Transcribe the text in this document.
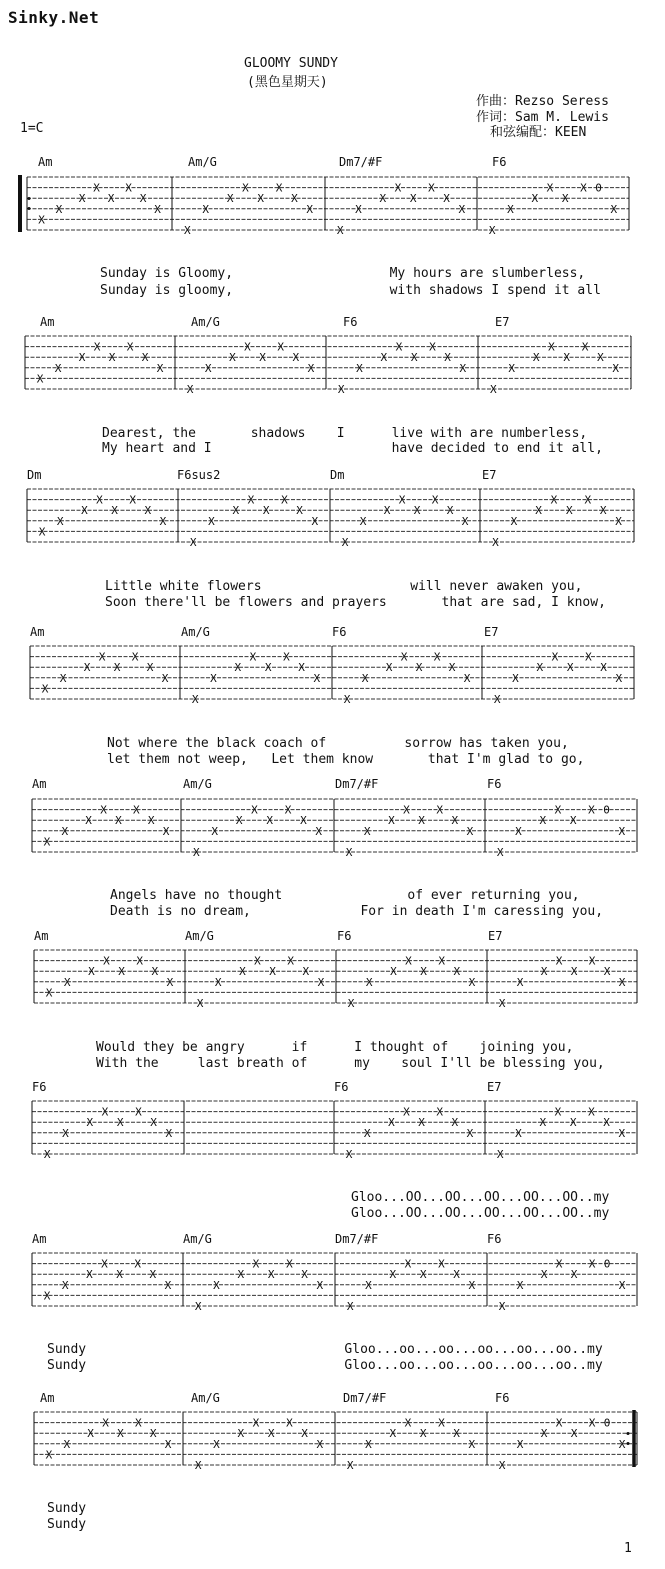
Sinky.Net
GLOOMY SUNDY
(黑色星期天)
作曲：Rezso Seress
作词：Sam M. Lewis
和弦编配：KEEN
1=C
Am	Am/G	Dm7/#F	F6
Am	Am/G	F6	E7
Dm	F6sus2	Dm	E7
Am	Am/G	F6	E7
Am	Am/G	Dm7/#F	F6
Am	Am/G	F6	E7
F6	F6	E7
Am	Am/G	Dm7/#F	F6
Am	Am/G	Dm7/#F	F6
Sunday is Gloomy,                    My hours are slumberless,
Sunday is gloomy,                    with shadows I spend it all
Dearest, the       shadows    I      live with are numberless,
My heart and I                       have decided to end it all,
Little white flowers                   will never awaken you,
Soon there'll be flowers and prayers       that are sad, I know,
Not where the black coach of          sorrow has taken you,
let them not weep,   Let them know       that I'm glad to go,
Angels have no thought                of ever returning you,
Death is no dream,              For in death I'm caressing you,
Would they be angry      if      I thought of    joining you,
With the     last breath of      my    soul I'll be blessing you,
Gloo...OO...OO...OO...OO...OO..my
Gloo...OO...OO...OO...OO...OO..my
Sundy                                 Gloo...oo...oo...oo...oo...oo..my
Sundy                                 Gloo...oo...oo...oo...oo...oo..my
Sundy
Sundy
1
X
X
X
X
X
X
X
X
X
X
X
X
X
X
X
X
X
X
X
X
X
X
X
X
X
X
X
X
X 0
X
X
X
X
X
X
X
X
X
X
X
X
X
X
X
X
X
X
X
X
X
X
X
X
X
X
X
X
X
X
X
X
X
X
X
X
X
X
X
X
X
X
X
X
X
X
X
X
X
X
X
X
X
X
X
X
X
X
X
X
X
X
X
X
X
X
X
X
X
X
X
X
X
X
X
X
X
X
X
X
X
X
X
X
X
X
X
X
X
X
X
X
X
X
X
X
X
X
X
X
X
X
X
X
X
X
X
X
X
X
X
X
X
X
X
X
X
X
X
X
X
X
X
X
X
X
X 0
X
X
X
X
X
X
X
X
X
X
X
X
X
X
X
X
X
X
X
X
X
X
X
X
X
X
X
X
X
X
X
X
X
X
X
X
X
X
X
X
X
X
X
X
X
X
X
X
X
X
X
X
X
X
X
X
X
X
X
X
X
X
X
X
X
X
X
X
X
X
X
X
X
X
X
X
X
X
X
X
X
X
X
X
X
X
X 0
X
X
X
X
X
X
X
X
X
X
X
X
X
X
X
X
X
X
X
X
X
X
X
X
X
X
X
X
X
X
X 0
X
X
